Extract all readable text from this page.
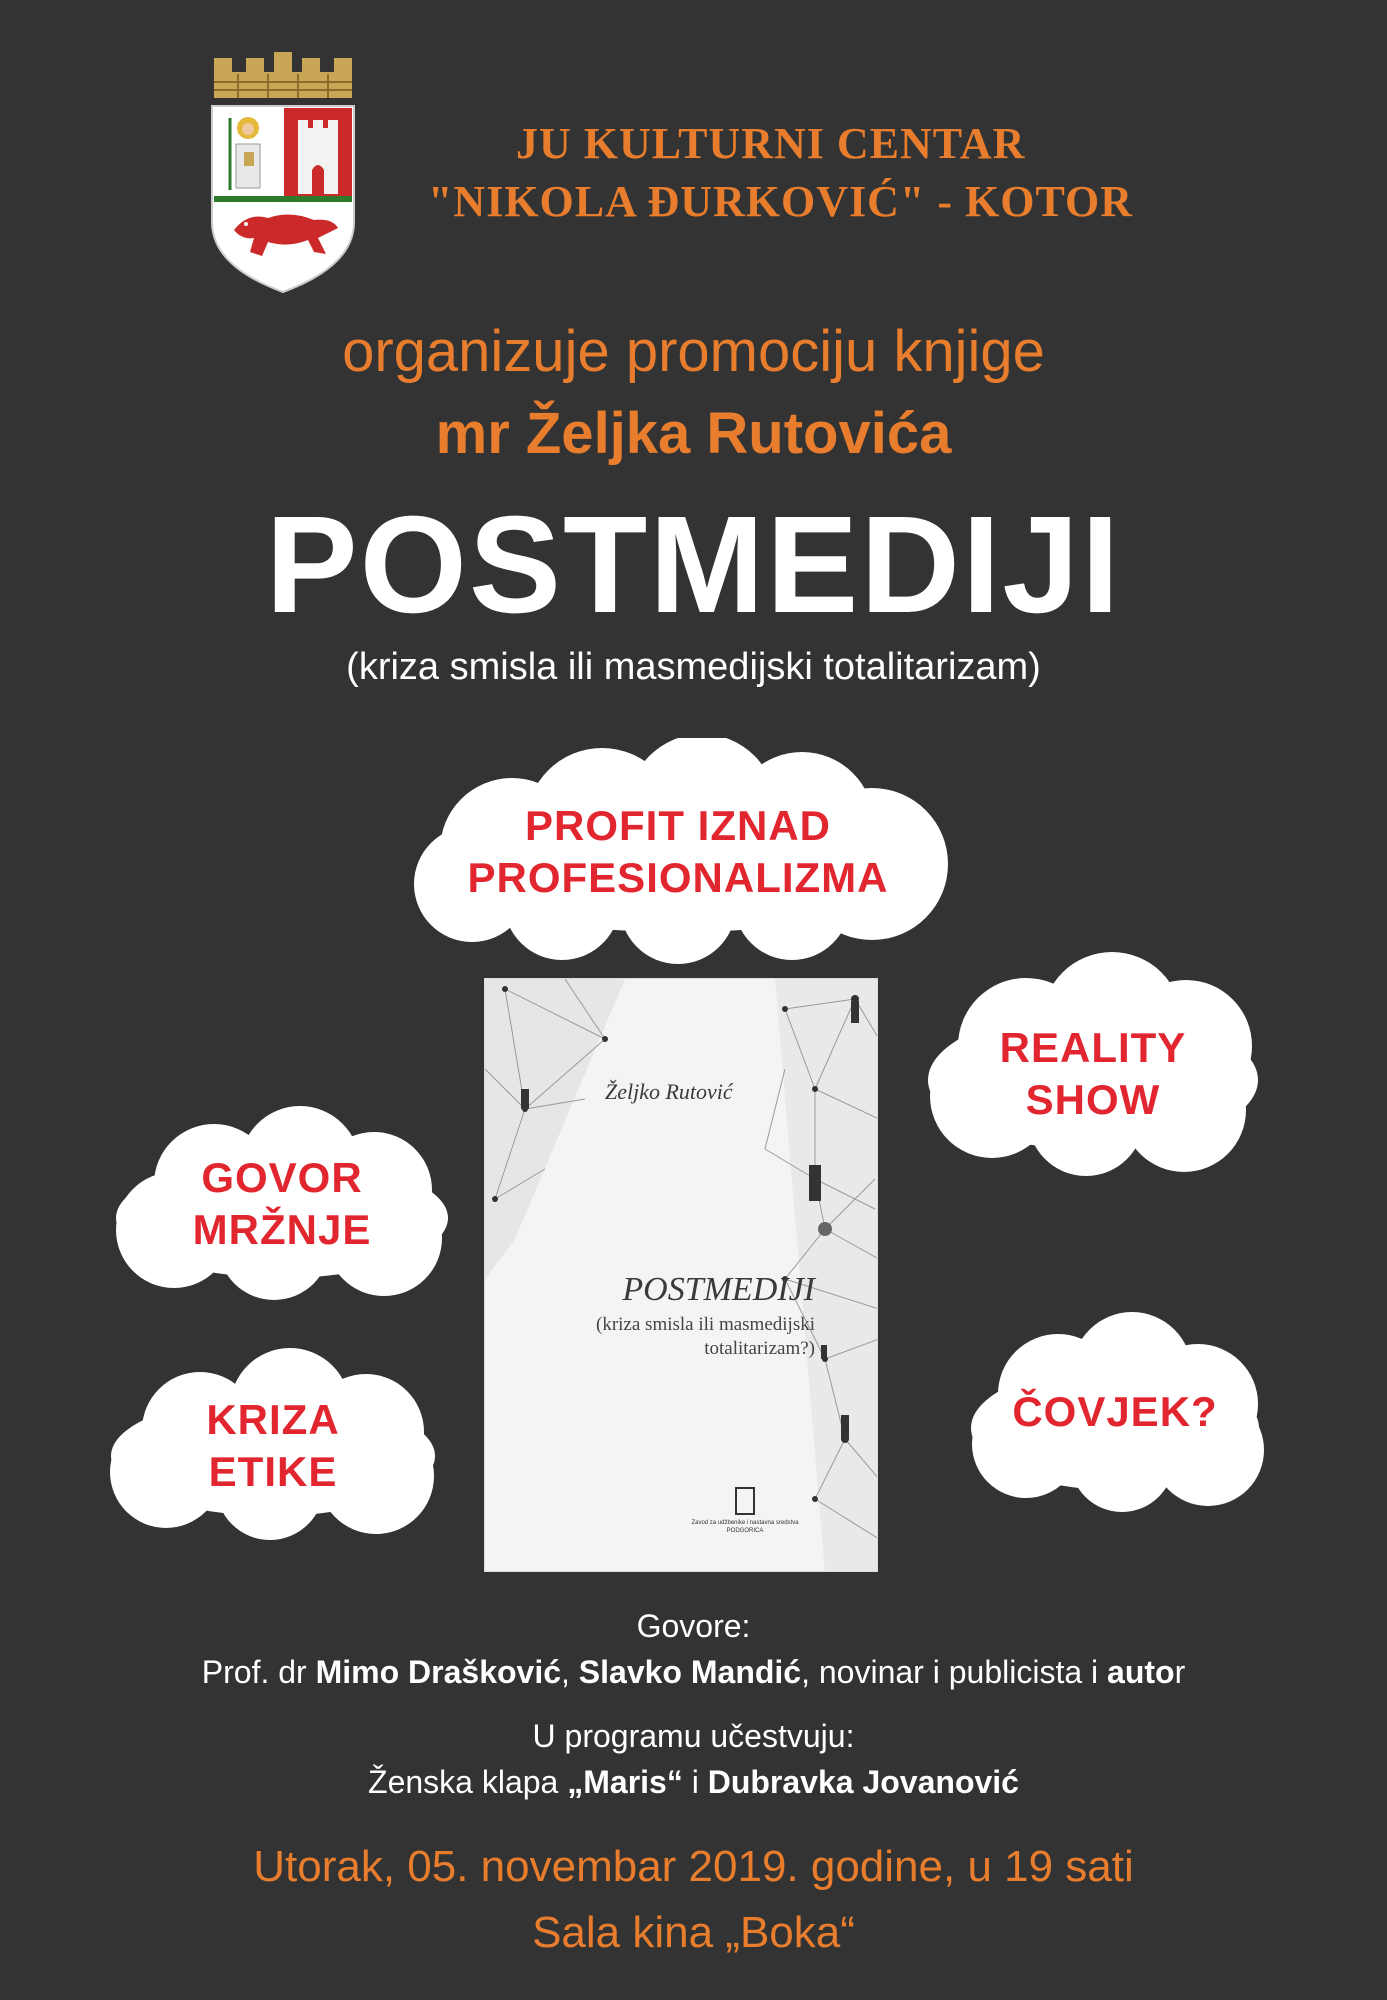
JU KULTURNI CENTAR
"NIKOLA ĐURKOVIĆ" - KOTOR
organizuje promociju knjige
mr Željka Rutovića
POSTMEDIJI
(kriza smisla ili masmedijski totalitarizam)
PROFIT IZNAD
PROFESIONALIZMA
REALITY
SHOW
GOVOR
MRŽNJE
KRIZA
ETIKE
ČOVJEK?
Željko Rutović
POSTMEDIJI
(kriza smisla ili masmedijski
totalitarizam?)
Zavod za udžbenike i nastavna sredstva
PODGORICA
Govore:
Prof. dr Mimo Drašković, Slavko Mandić, novinar i publicista i autor
U programu učestvuju:
Ženska klapa „Maris“ i Dubravka Jovanović
Utorak, 05. novembar 2019. godine, u 19 sati
Sala kina „Boka“
